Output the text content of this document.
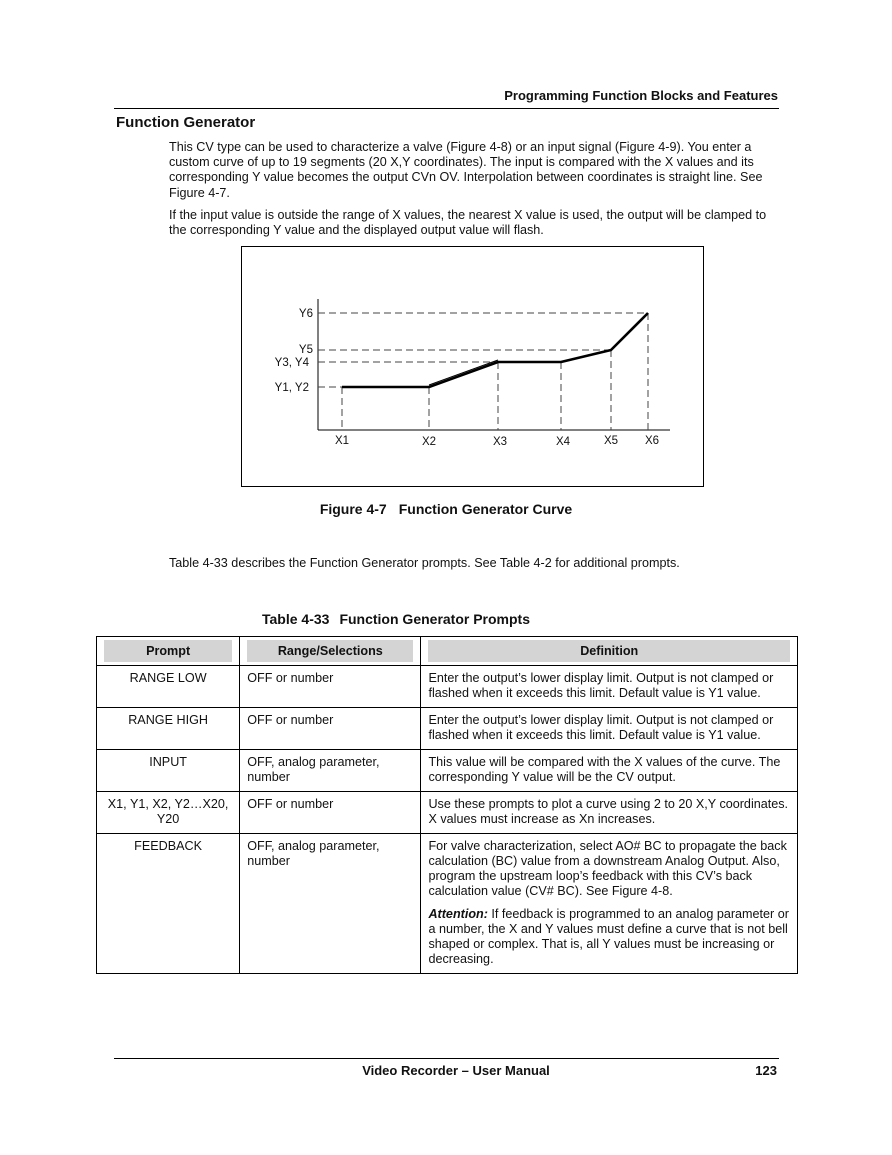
Programming Function Blocks and Features
Function Generator
This CV type can be used to characterize a valve (Figure 4-8) or an input signal (Figure 4-9). You enter a custom curve of up to 19 segments (20 X,Y coordinates). The input is compared with the X values and its corresponding Y value becomes the output CVn OV. Interpolation between coordinates is straight line. See Figure 4-7.
If the input value is outside the range of X values, the nearest X value is used, the output will be clamped to the corresponding Y value and the displayed output value will flash.
Y6
Y5
Y3, Y4
Y1, Y2
X1	X2	X3	X4	X5 X6
Figure 4-7 Function Generator Curve
Table 4-33 describes the Function Generator prompts. See Table 4-2 for additional prompts.
Table 4-33 Function Generator Prompts
Prompt	Range/Selections	Definition

RANGE LOW	OFF or number	Enter the output’s lower display limit. Output is not clamped or flashed when it exceeds this limit. Default value is Y1 value.

RANGE HIGH	OFF or number	Enter the output’s lower display limit. Output is not clamped or flashed when it exceeds this limit. Default value is Y1 value.

INPUT	OFF, analog parameter, number	This value will be compared with the X values of the curve. The corresponding Y value will be the CV output.

X1, Y1, X2, Y2…X20, Y20	OFF or number	Use these prompts to plot a curve using 2 to 20 X,Y coordinates. X values must increase as Xn increases.

FEEDBACK	OFF, analog parameter, number	For valve characterization, select AO# BC to propagate the back calculation (BC) value from a downstream Analog Output. Also, program the upstream loop’s feedback with this CV’s back calculation value (CV# BC). See Figure 4-8.
Attention: If feedback is programmed to an analog parameter or a number, the X and Y values must define a curve that is not bell shaped or complex. That is, all Y values must be increasing or decreasing.
Video Recorder – User Manual	123
